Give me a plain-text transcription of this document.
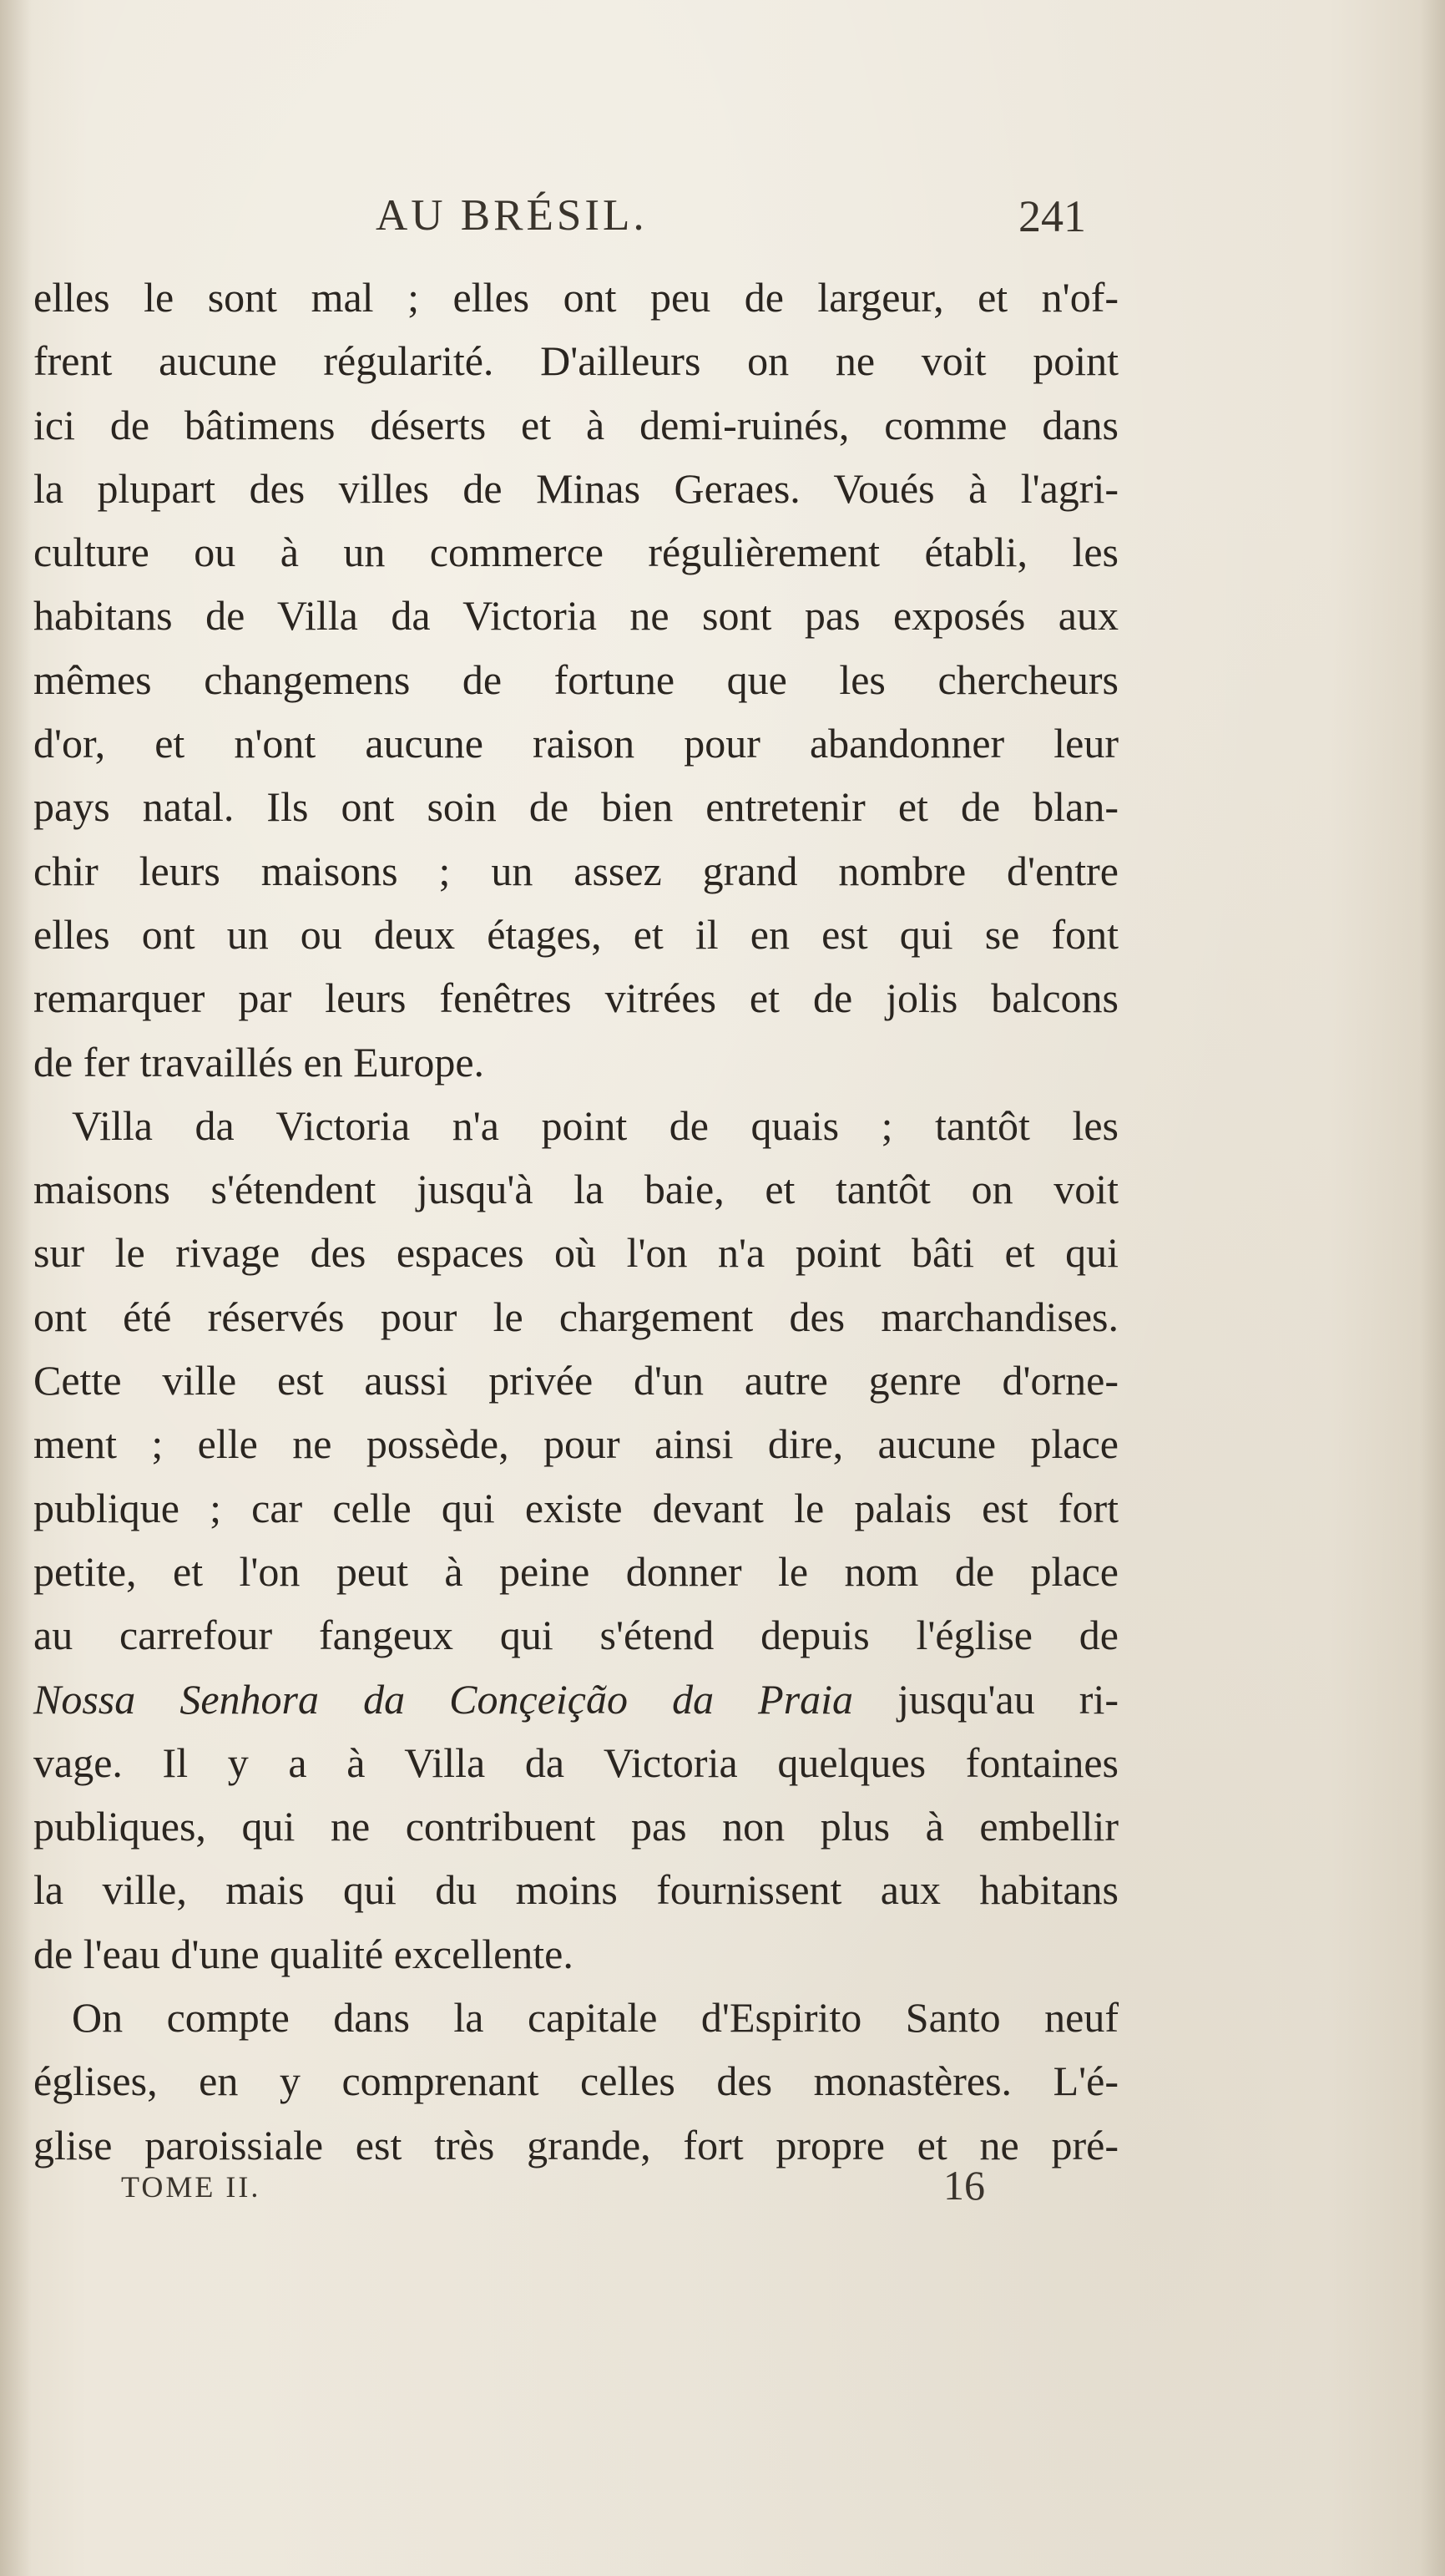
AU BRÉSIL.	241
elles le sont mal ; elles ont peu de largeur, et n'of-
frent aucune régularité. D'ailleurs on ne voit point
ici de bâtimens déserts et à demi-ruinés, comme dans
la plupart des villes de Minas Geraes. Voués à l'agri-
culture ou à un commerce régulièrement établi, les
habitans de Villa da Victoria ne sont pas exposés aux
mêmes changemens de fortune que les chercheurs
d'or, et n'ont aucune raison pour abandonner leur
pays natal. Ils ont soin de bien entretenir et de blan-
chir leurs maisons ; un assez grand nombre d'entre
elles ont un ou deux étages, et il en est qui se font
remarquer par leurs fenêtres vitrées et de jolis balcons
de fer travaillés en Europe.
Villa da Victoria n'a point de quais ; tantôt les
maisons s'étendent jusqu'à la baie, et tantôt on voit
sur le rivage des espaces où l'on n'a point bâti et qui
ont été réservés pour le chargement des marchandises.
Cette ville est aussi privée d'un autre genre d'orne-
ment ; elle ne possède, pour ainsi dire, aucune place
publique ; car celle qui existe devant le palais est fort
petite, et l'on peut à peine donner le nom de place
au carrefour fangeux qui s'étend depuis l'église de
Nossa Senhora da Conçeição da Praia jusqu'au ri-
vage. Il y a à Villa da Victoria quelques fontaines
publiques, qui ne contribuent pas non plus à embellir
la ville, mais qui du moins fournissent aux habitans
de l'eau d'une qualité excellente.
On compte dans la capitale d'Espirito Santo neuf
églises, en y comprenant celles des monastères. L'é-
glise paroissiale est très grande, fort propre et ne pré-
TOME II.	16
